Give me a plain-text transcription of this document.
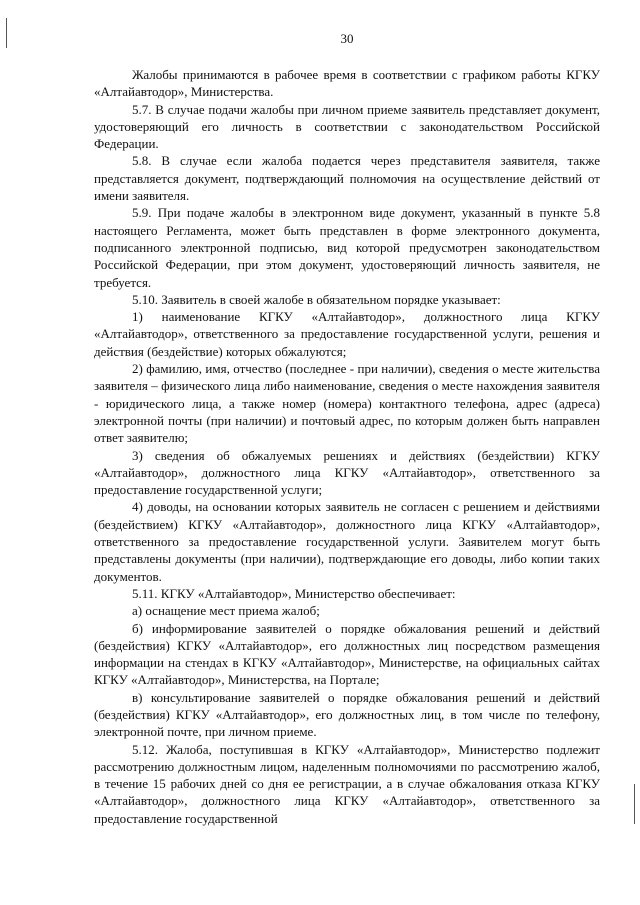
30

Жалобы принимаются в рабочее время в соответствии с графиком работы КГКУ «Алтайавтодор», Министерства.

5.7. В случае подачи жалобы при личном приеме заявитель представляет документ, удостоверяющий его личность в соответствии с законодательством Российской Федерации.

5.8. В случае если жалоба подается через представителя заявителя, также представляется документ, подтверждающий полномочия на осуществление действий от имени заявителя.

5.9. При подаче жалобы в электронном виде документ, указанный в пункте 5.8 настоящего Регламента, может быть представлен в форме электронного документа, подписанного электронной подписью, вид которой предусмотрен законодательством Российской Федерации, при этом документ, удостоверяющий личность заявителя, не требуется.

5.10. Заявитель в своей жалобе в обязательном порядке указывает:

1) наименование КГКУ «Алтайавтодор», должностного лица КГКУ «Алтайавтодор», ответственного за предоставление государственной услуги, решения и действия (бездействие) которых обжалуются;

2) фамилию, имя, отчество (последнее - при наличии), сведения о месте жительства заявителя – физического лица либо наименование, сведения о месте нахождения заявителя - юридического лица, а также номер (номера) контактного телефона, адрес (адреса) электронной почты (при наличии) и почтовый адрес, по которым должен быть направлен ответ заявителю;

3) сведения об обжалуемых решениях и действиях (бездействии) КГКУ «Алтайавтодор», должностного лица КГКУ «Алтайавтодор», ответственного за предоставление государственной услуги;

4) доводы, на основании которых заявитель не согласен с решением и действиями (бездействием) КГКУ «Алтайавтодор», должностного лица КГКУ «Алтайавтодор», ответственного за предоставление государственной услуги. Заявителем могут быть представлены документы (при наличии), подтверждающие его доводы, либо копии таких документов.

5.11. КГКУ «Алтайавтодор», Министерство обеспечивает:

а) оснащение мест приема жалоб;

б) информирование заявителей о порядке обжалования решений и действий (бездействия) КГКУ «Алтайавтодор», его должностных лиц посредством размещения информации на стендах в КГКУ «Алтайавтодор», Министерстве, на официальных сайтах КГКУ «Алтайавтодор», Министерства, на Портале;

в) консультирование заявителей о порядке обжалования решений и действий (бездействия) КГКУ «Алтайавтодор», его должностных лиц, в том числе по телефону, электронной почте, при личном приеме.

5.12. Жалоба, поступившая в КГКУ «Алтайавтодор», Министерство подлежит рассмотрению должностным лицом, наделенным полномочиями по рассмотрению жалоб, в течение 15 рабочих дней со дня ее регистрации, а в случае обжалования отказа КГКУ «Алтайавтодор», должностного лица КГКУ «Алтайавтодор», ответственного за предоставление государственной
